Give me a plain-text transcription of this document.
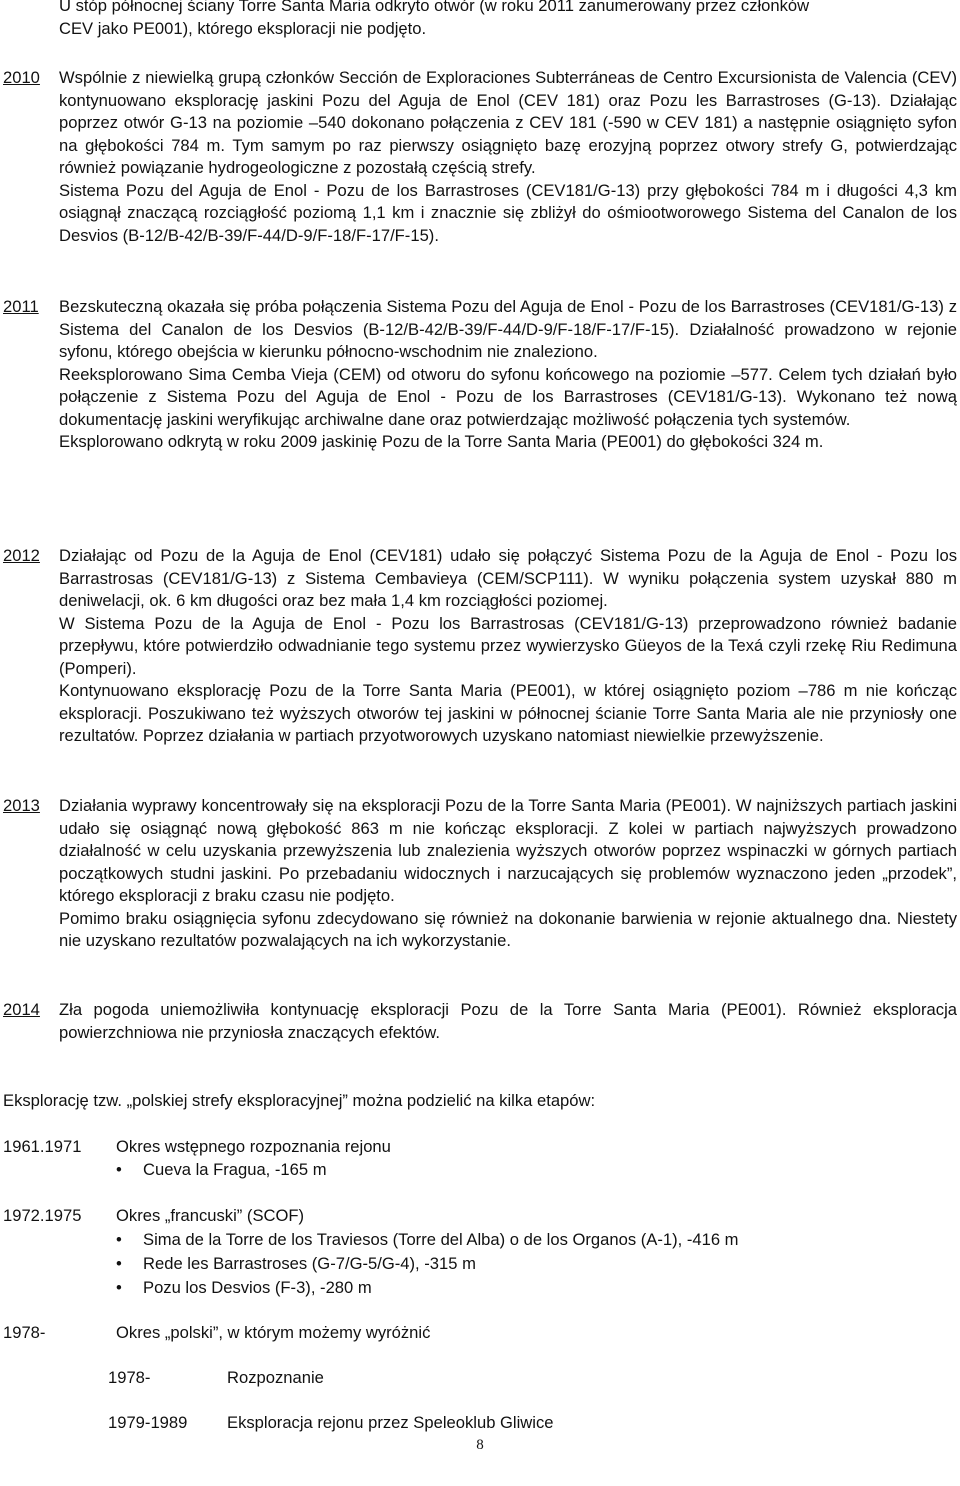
U stóp północnej ściany Torre Santa Maria odkryto otwór (w roku 2011 zanumerowany przez członków

CEV jako PE001), którego eksploracji nie podjęto.

2010 Wspólnie z niewielką grupą członków Sección de Exploraciones Subterráneas de Centro Excursionista de Valencia (CEV) kontynuowano eksplorację jaskini Pozu del Aguja de Enol (CEV 181) oraz Pozu les Barrastroses (G-13). Działając poprzez otwór G-13 na poziomie –540 dokonano połączenia z CEV 181 (-590 w CEV 181) a następnie osiągnięto syfon na głębokości 784 m. Tym samym po raz pierwszy osiągnięto bazę erozyjną poprzez otwory strefy G, potwierdzając również powiązanie hydrogeologiczne z pozostałą częścią strefy.

Sistema Pozu del Aguja de Enol - Pozu de los Barrastroses (CEV181/G-13) przy głębokości 784 m i długości 4,3 km osiągnął znaczącą rozciągłość poziomą 1,1 km i znacznie się zbliżył do ośmiootworowego Sistema del Canalon de los Desvios (B-12/B-42/B-39/F-44/D-9/F-18/F-17/F-15).

2011 Bezskuteczną okazała się próba połączenia Sistema Pozu del Aguja de Enol - Pozu de los Barrastroses (CEV181/G-13) z Sistema del Canalon de los Desvios (B-12/B-42/B-39/F-44/D-9/F-18/F-17/F-15). Działalność prowadzono w rejonie syfonu, którego obejścia w kierunku północno-wschodnim nie znaleziono.

Reeksplorowano Sima Cemba Vieja (CEM) od otworu do syfonu końcowego na poziomie –577. Celem tych działań było połączenie z Sistema Pozu del Aguja de Enol - Pozu de los Barrastroses (CEV181/G-13). Wykonano też nową dokumentację jaskini weryfikując archiwalne dane oraz potwierdzając możliwość połączenia tych systemów.

Eksplorowano odkrytą w roku 2009 jaskinię Pozu de la Torre Santa Maria (PE001) do głębokości 324 m.

2012 Działając od Pozu de la Aguja de Enol (CEV181) udało się połączyć Sistema Pozu de la Aguja de Enol - Pozu los Barrastrosas (CEV181/G-13) z Sistema Cembavieya (CEM/SCP111). W wyniku połączenia system uzyskał 880 m deniwelacji, ok. 6 km długości oraz bez mała 1,4 km rozciągłości poziomej.

W Sistema Pozu de la Aguja de Enol - Pozu los Barrastrosas (CEV181/G-13) przeprowadzono również badanie przepływu, które potwierdziło odwadnianie tego systemu przez wywierzysko Güeyos de la Texá czyli rzekę Riu Redimuna (Pomperi).

Kontynuowano eksplorację Pozu de la Torre Santa Maria (PE001), w której osiągnięto poziom –786 m nie kończąc eksploracji. Poszukiwano też wyższych otworów tej jaskini w północnej ścianie Torre Santa Maria ale nie przyniosły one rezultatów. Poprzez działania w partiach przyotworowych uzyskano natomiast niewielkie przewyższenie.

2013 Działania wyprawy koncentrowały się na eksploracji Pozu de la Torre Santa Maria (PE001). W najniższych partiach jaskini udało się osiągnąć nową głębokość 863 m nie kończąc eksploracji. Z kolei w partiach najwyższych prowadzono działalność w celu uzyskania przewyższenia lub znalezienia wyższych otworów poprzez wspinaczki w górnych partiach początkowych studni jaskini. Po przebadaniu widocznych i narzucających się problemów wyznaczono jeden „przodek”, którego eksploracji z braku czasu nie podjęto.

Pomimo braku osiągnięcia syfonu zdecydowano się również na dokonanie barwienia w rejonie aktualnego dna. Niestety nie uzyskano rezultatów pozwalających na ich wykorzystanie.

2014 Zła pogoda uniemożliwiła kontynuację eksploracji Pozu de la Torre Santa Maria (PE001). Również eksploracja powierzchniowa nie przyniosła znaczących efektów.

Eksplorację tzw. „polskiej strefy eksploracyjnej” można podzielić na kilka etapów:
1961.1971 Okres wstępnego rozpoznania rejonu
• Cueva la Fragua, -165 m
1972.1975 Okres „francuski” (SCOF)
• Sima de la Torre de los Traviesos (Torre del Alba) o de los Organos (A-1), -416 m
• Rede les Barrastroses (G-7/G-5/G-4), -315 m
• Pozu los Desvios (F-3), -280 m
1978-	Okres „polski”, w którym możemy wyróżnić
1978-	Rozpoznanie
1979-1989 Eksploracja rejonu przez Speleoklub Gliwice
8
